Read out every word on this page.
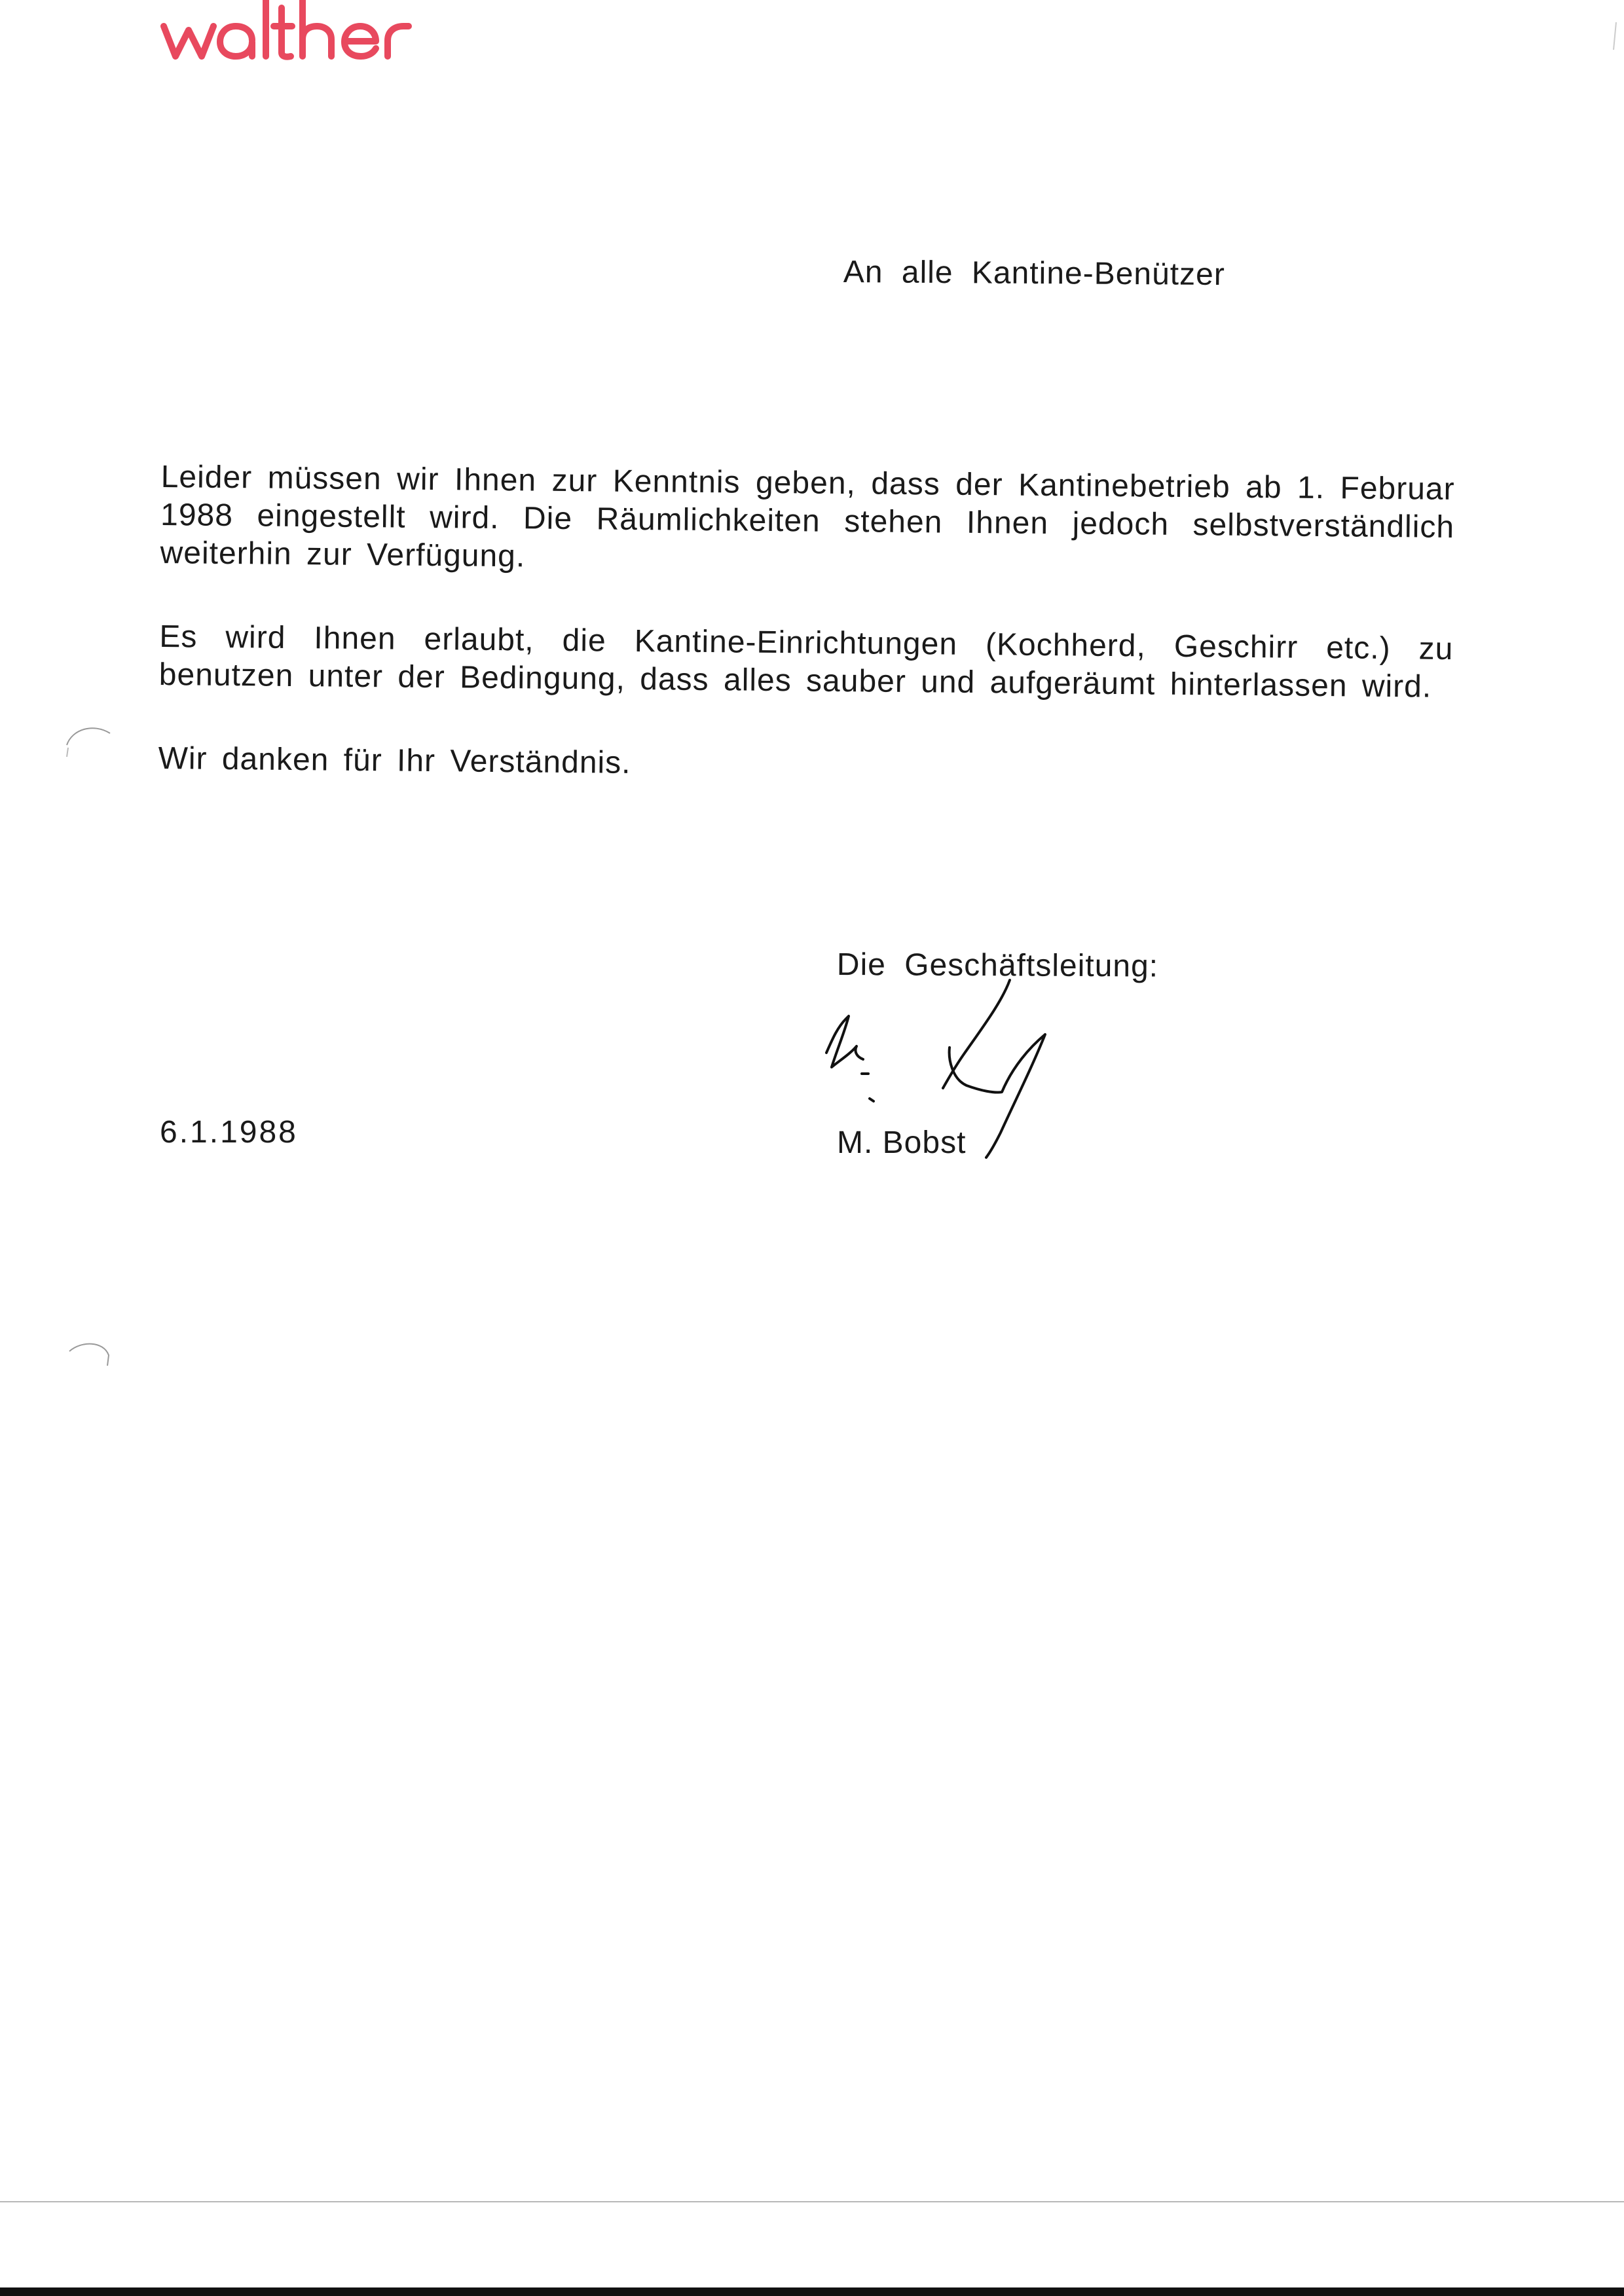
An alle Kantine-Benützer

Leider müssen wir Ihnen zur Kenntnis geben, dass der Kantinebetrieb ab 1. Februar 1988 eingestellt wird. Die Räumlichkeiten stehen Ihnen jedoch selbstverständlich weiterhin zur Verfügung.

Es wird Ihnen erlaubt, die Kantine-Einrichtungen (Kochherd, Geschirr etc.) zu benutzen unter der Bedingung, dass alles sauber und aufgeräumt hinterlassen wird.

Wir danken für Ihr Verständnis.

Die Geschäftsleitung:
M. Bobst
6.1.1988
